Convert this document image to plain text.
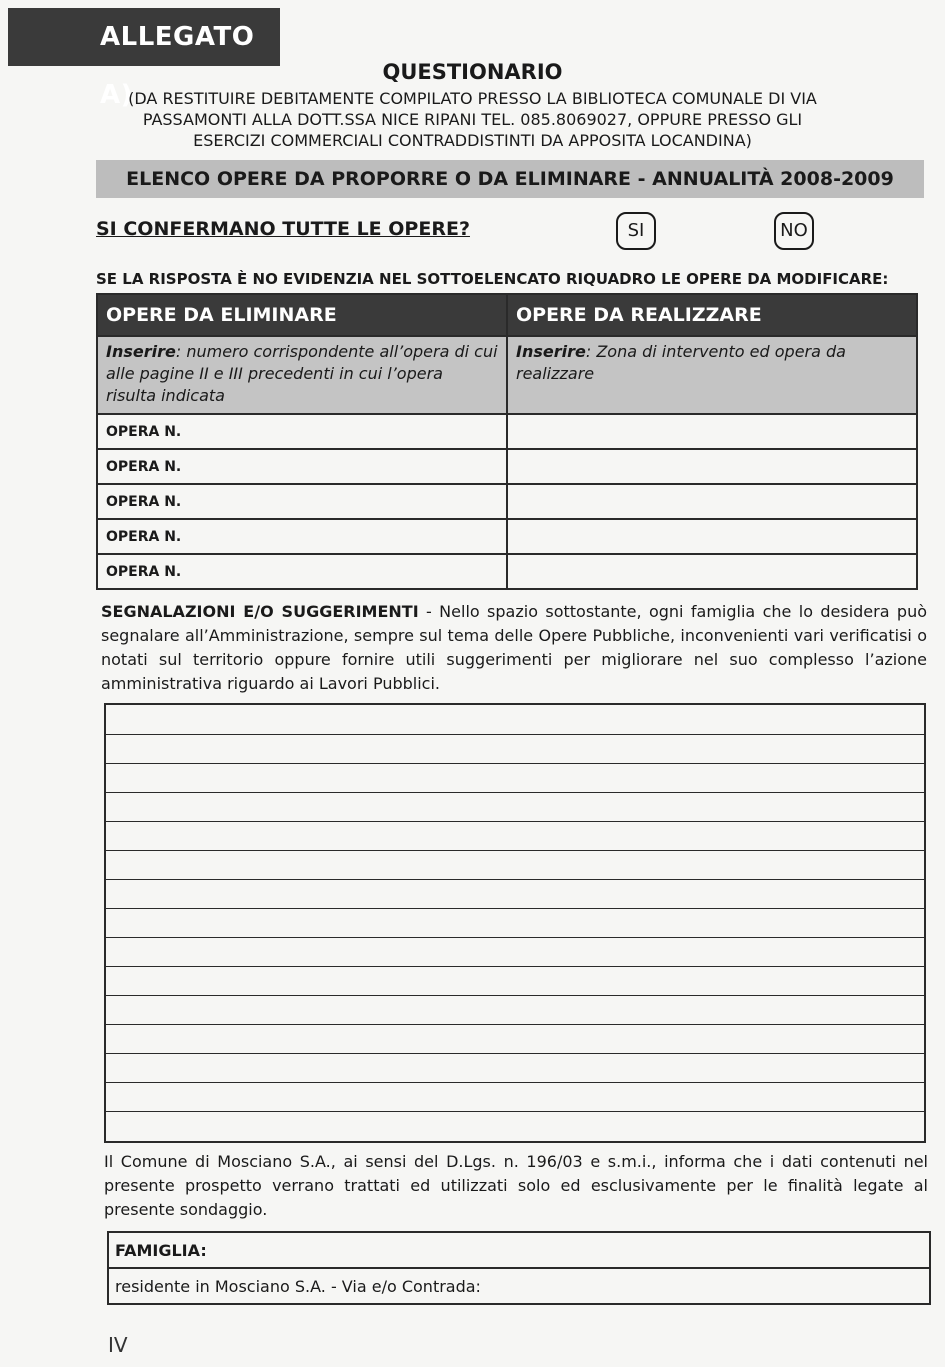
ALLEGATO A)
QUESTIONARIO
(DA RESTITUIRE DEBITAMENTE COMPILATO PRESSO LA BIBLIOTECA COMUNALE DI VIA PASSAMONTI ALLA DOTT.SSA NICE RIPANI TEL. 085.8069027, OPPURE PRESSO GLI ESERCIZI COMMERCIALI CONTRADDISTINTI DA APPOSITA LOCANDINA)
ELENCO OPERE DA PROPORRE O DA ELIMINARE - ANNUALITÀ 2008-2009
SI CONFERMANO TUTTE LE OPERE?	SI	NO
SE LA RISPOSTA È NO EVIDENZIA NEL SOTTOELENCATO RIQUADRO LE OPERE DA MODIFICARE:
OPERE DA ELIMINARE	OPERE DA REALIZZARE
Inserire: numero corrispondente all’opera di cui alle pagine II e III precedenti in cui l’opera risulta indicata	Inserire: Zona di intervento ed opera da realizzare
OPERA N.	
OPERA N.	
OPERA N.	
OPERA N.	
OPERA N.	
SEGNALAZIONI E/O SUGGERIMENTI - Nello spazio sottostante, ogni famiglia che lo desidera può segnalare all’Amministrazione, sempre sul tema delle Opere Pubbliche, inconvenienti vari verificatisi o notati sul territorio oppure fornire utili suggerimenti per migliorare nel suo complesso l’azione amministrativa riguardo ai Lavori Pubblici.
Il Comune di Mosciano S.A., ai sensi del D.Lgs. n. 196/03 e s.m.i., informa che i dati contenuti nel presente prospetto verrano trattati ed utilizzati solo ed esclusivamente per le finalità legate al presente sondaggio.
FAMIGLIA:
residente in Mosciano S.A. - Via e/o Contrada:
IV
